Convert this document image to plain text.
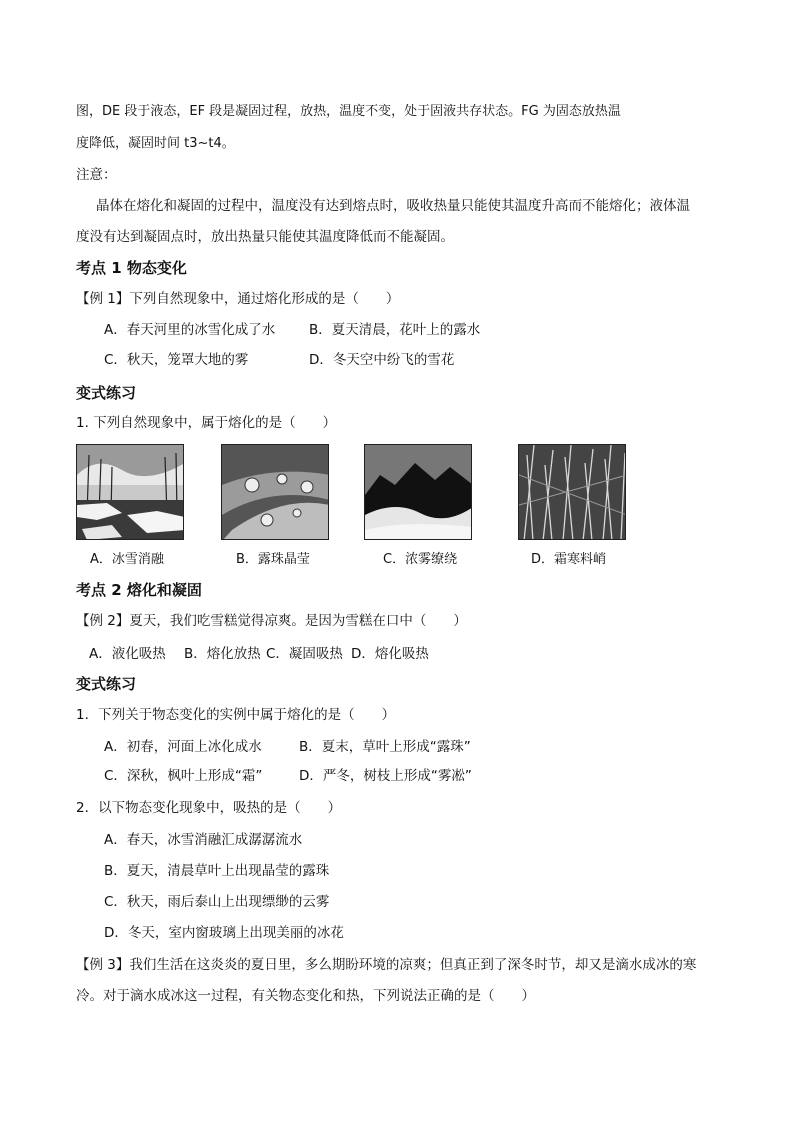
图，DE 段于液态，EF 段是凝固过程，放热，温度不变，处于固液共存状态。FG 为固态放热温
度降低，凝固时间 t3~t4。
注意：
晶体在熔化和凝固的过程中，温度没有达到熔点时，吸收热量只能使其温度升高而不能熔化；液体温
度没有达到凝固点时，放出热量只能使其温度降低而不能凝固。
考点 1 物态变化
【例 1】下列自然现象中，通过熔化形成的是（　　）
A．春天河里的冰雪化成了水	B．夏天清晨，花叶上的露水
C．秋天，笼罩大地的雾	D．冬天空中纷飞的雪花
变式练习
1. 下列自然现象中，属于熔化的是（　　）
A．冰雪消融	B．露珠晶莹	C．浓雾缭绕	D．霜寒料峭
考点 2 熔化和凝固
【例 2】夏天，我们吃雪糕觉得凉爽。是因为雪糕在口中（　　）
A．液化吸热 B．熔化放热 C．凝固吸热 D．熔化吸热
变式练习
1．下列关于物态变化的实例中属于熔化的是（　　）
A．初春，河面上冰化成水	B．夏末，草叶上形成“露珠”
C．深秋，枫叶上形成“霜”	D．严冬，树枝上形成“雾凇”
2．以下物态变化现象中，吸热的是（　　）
A．春天，冰雪消融汇成潺潺流水
B．夏天，清晨草叶上出现晶莹的露珠
C．秋天，雨后泰山上出现缥缈的云雾
D．冬天，室内窗玻璃上出现美丽的冰花
【例 3】我们生活在这炎炎的夏日里，多么期盼环境的凉爽；但真正到了深冬时节，却又是滴水成冰的寒
冷。对于滴水成冰这一过程，有关物态变化和热，下列说法正确的是（　　）
